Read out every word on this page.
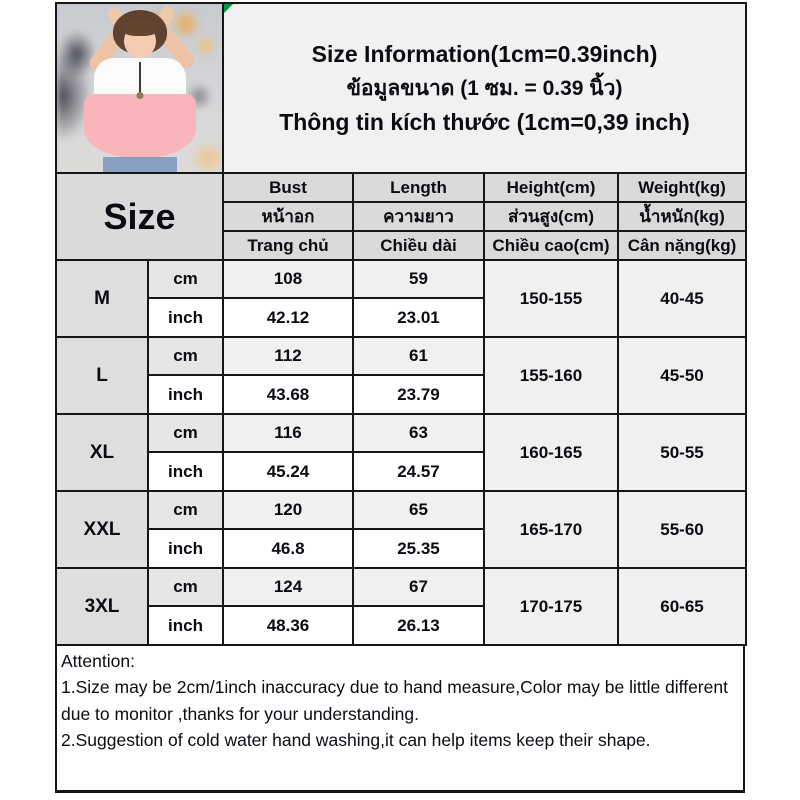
		Size Information(1cm=0.39inch)
ข้อมูลขนาด (1 ซม. = 0.39 นิ้ว)
Thông tin kích thước (1cm=0,39 inch)			

Size		Bust	Length	Height(cm)	Weight(kg)
		หน้าอก	ความยาว	ส่วนสูง(cm)	น้ำหนัก(kg)
		Trang chủ	Chiều dài	Chiều cao(cm)	Cân nặng(kg)
M	cm	108	59	150-155	40-45
	inch	42.12	23.01		
L	cm	112	61	155-160	45-50
	inch	43.68	23.79		
XL	cm	116	63	160-165	50-55
	inch	45.24	24.57		
XXL	cm	120	65	165-170	55-60
	inch	46.8	25.35		
3XL	cm	124	67	170-175	60-65
	inch	48.36	26.13		
Attention:
1.Size may be 2cm/1inch inaccuracy due to hand measure,Color may be little different due to monitor ,thanks for your understanding.
2.Suggestion of cold water hand washing,it can help items keep their shape.
